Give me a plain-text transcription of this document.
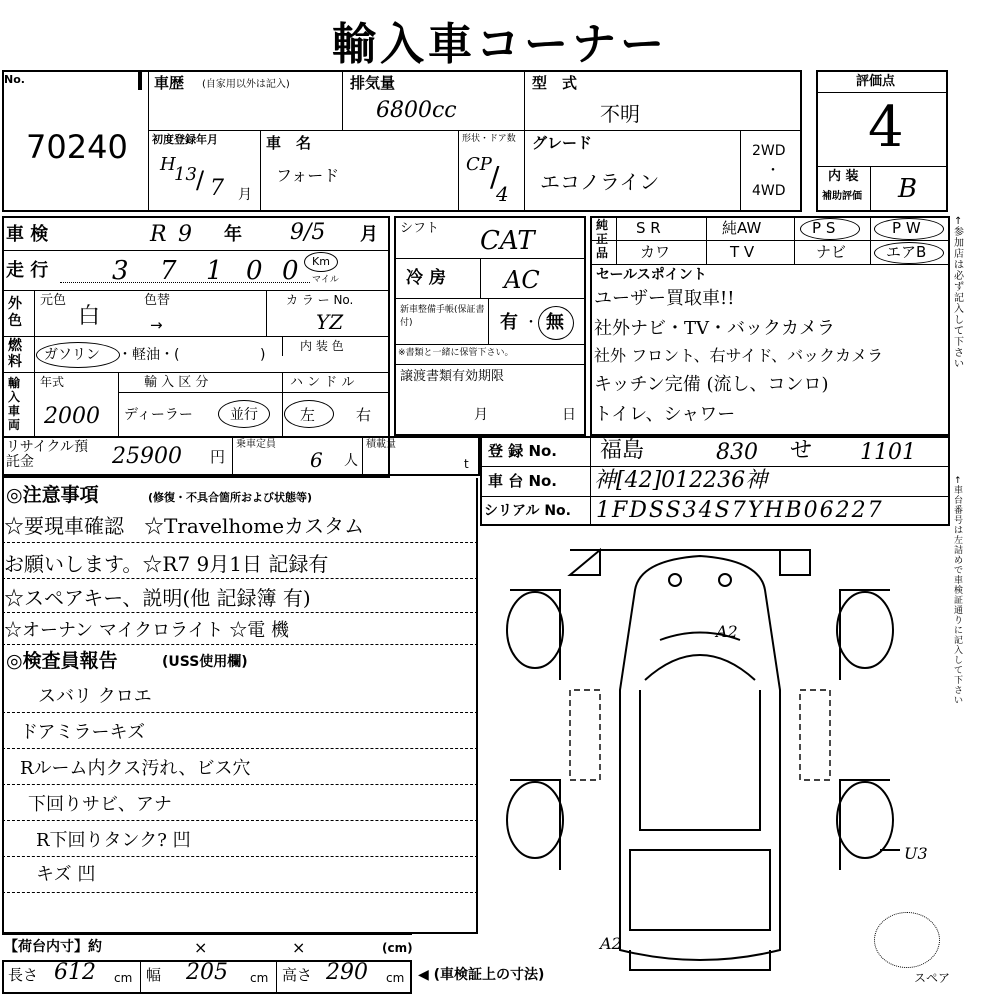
輸入車コーナー
No.
70240
車歴 (自家用以外は記入)	排気量
6800cc
型　式
不明
初度登録年月
H
13 / 7 月
車　名
フォード
形状・ドア数
CP
/
4
グレード
エコノライン
2WD
・
4WD
評価点
4
内 装
補助評価 B
車 検	R 9 年 9/5 月
走 行 3 7 1 0 0 Km
マイル
外色
元色
白
色替
→
カ ラ ー No.
YZ
燃料 ガソリン ・軽油・(	)
内 装 色
輸入車両
年式
2000
輸 入 区 分
ディーラー	並行
ハ ン ド ル
左	右
リサイクル預託金	25900 円
乗車定員
6 人
積載量
t
シフト CAT
冷 房 AC
新車整備手帳(保証書付)	有 ・ 無
※書類と一緒に保管下さい。
譲渡書類有効期限
月	日
純正品
S R	純AW	P S	P W
カワ	T V	ナビ	エアB
セールスポイント
ユーザー買取車!!
社外ナビ・TV・バックカメラ
社外 フロント、右サイド、バックカメラ
キッチン完備 (流し、コンロ)
トイレ、シャワー
登 録 No. 福島	830 せ 1101
車 台 No. 神[42]012236神
シリアル No. 1FDSS34S7YHB06227
◎注意事項	(修復・不具合箇所および状態等)
☆要現車確認　☆Travelhomeカスタム
お願いします。☆R7 9月1日 記録有
☆スペアキー、説明(他 記録簿 有)
☆オーナン マイクロライト ☆電 機
◎検査員報告	(USS使用欄)
スバリ クロエ
ドアミラーキズ
Rルーム内クス汚れ、ビス穴
下回りサビ、アナ
R下回りタンク? 凹
キズ 凹
A2
A2
U3
スペア
【荷台内寸】約	×	×	(cm)
長さ 612 cm 幅 205 cm 高さ 290 cm ◀ (車検証上の寸法)
↑ 参加店は必ず記入して下さい
↑ 車台番号は左詰めで車検証通りに記入して下さい
